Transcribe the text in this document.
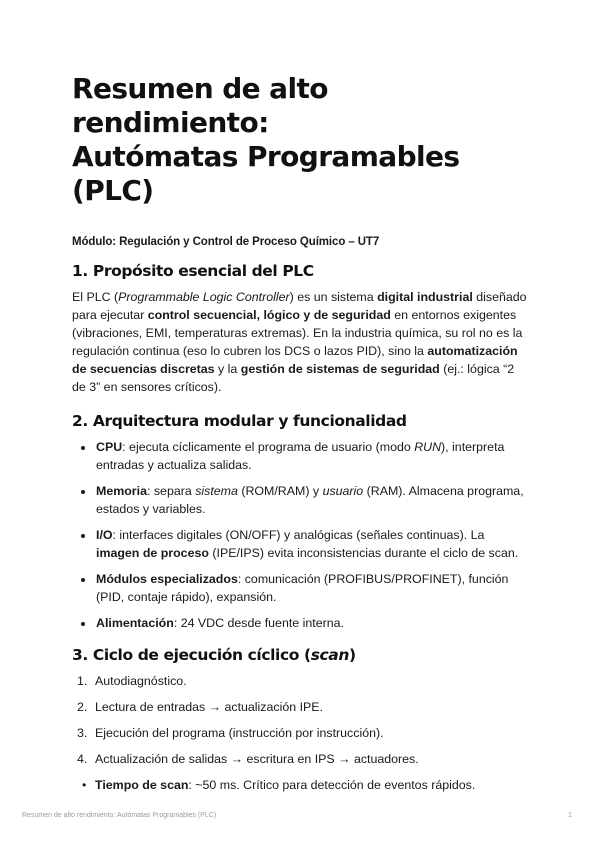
Resumen de alto rendimiento:
Autómatas Programables
(PLC)
Módulo: Regulación y Control de Proceso Químico – UT7
1. Propósito esencial del PLC

El PLC (Programmable Logic Controller) es un sistema digital industrial diseñado para ejecutar control secuencial, lógico y de seguridad en entornos exigentes (vibraciones, EMI, temperaturas extremas). En la industria química, su rol no es la regulación continua (eso lo cubren los DCS o lazos PID), sino la automatización de secuencias discretas y la gestión de sistemas de seguridad (ej.: lógica “2 de 3” en sensores críticos).

2. Arquitectura modular y funcionalidad
• CPU: ejecuta cíclicamente el programa de usuario (modo RUN), interpreta entradas y actualiza salidas.
• Memoria: separa sistema (ROM/RAM) y usuario (RAM). Almacena programa, estados y variables.
• I/O: interfaces digitales (ON/OFF) y analógicas (señales continuas). La imagen de proceso (IPE/IPS) evita inconsistencias durante el ciclo de scan.
• Módulos especializados: comunicación (PROFIBUS/PROFINET), función (PID, contaje rápido), expansión.
• Alimentación: 24 VDC desde fuente interna.
3. Ciclo de ejecución cíclico (scan)
1. Autodiagnóstico.
2. Lectura de entradas → actualización IPE.
3. Ejecución del programa (instrucción por instrucción).
4. Actualización de salidas → escritura en IPS → actuadores.
• Tiempo de scan: ~50 ms. Crítico para detección de eventos rápidos.
Resumen de alto rendimiento: Autómatas Programables (PLC)	1
